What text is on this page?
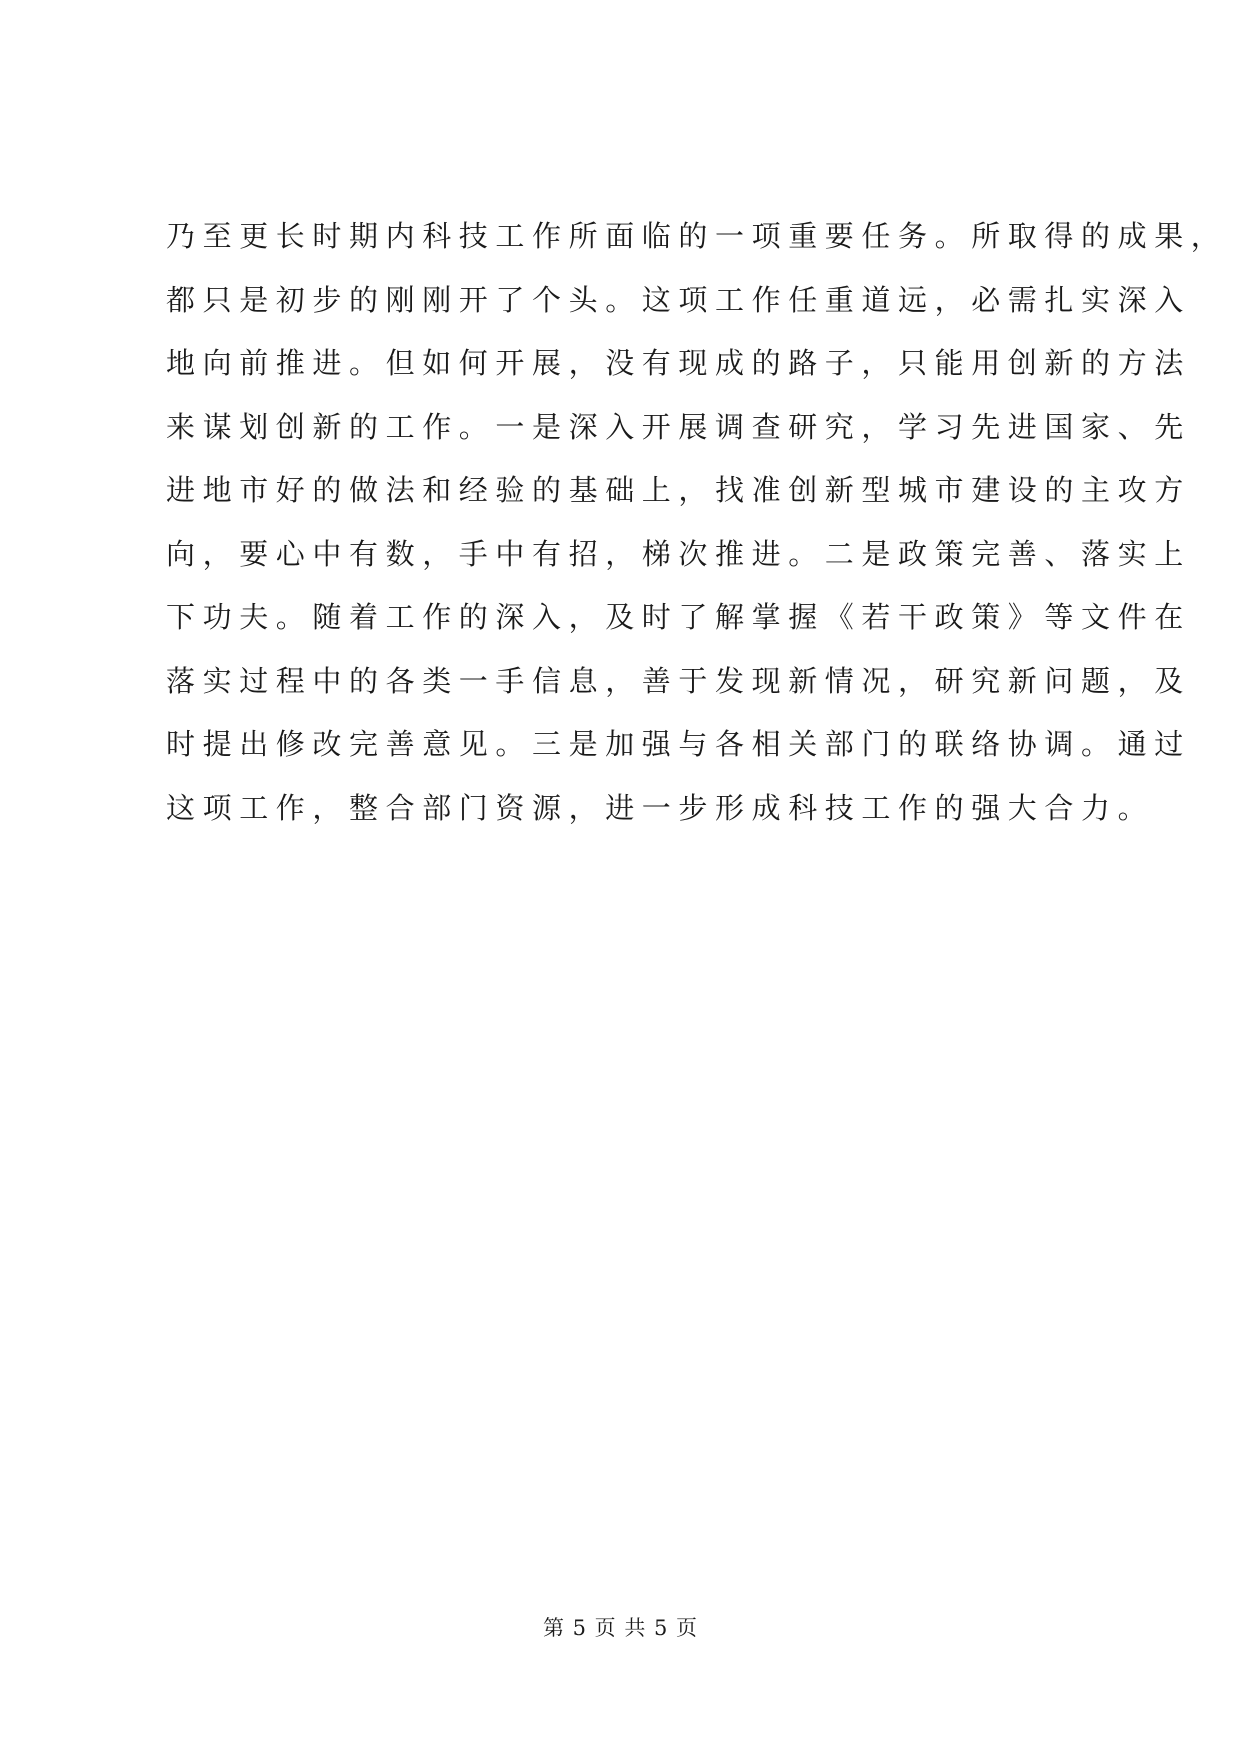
乃至更长时期内科技工作所面临的一项重要任务。所取得的成果，
都只是初步的刚刚开了个头。这项工作任重道远，必需扎实深入
地向前推进。但如何开展，没有现成的路子，只能用创新的方法
来谋划创新的工作。一是深入开展调查研究，学习先进国家、先
进地市好的做法和经验的基础上，找准创新型城市建设的主攻方
向，要心中有数，手中有招，梯次推进。二是政策完善、落实上
下功夫。随着工作的深入，及时了解掌握《若干政策》等文件在
落实过程中的各类一手信息，善于发现新情况，研究新问题，及
时提出修改完善意见。三是加强与各相关部门的联络协调。通过
这项工作，整合部门资源，进一步形成科技工作的强大合力。
第 5 页 共 5 页
